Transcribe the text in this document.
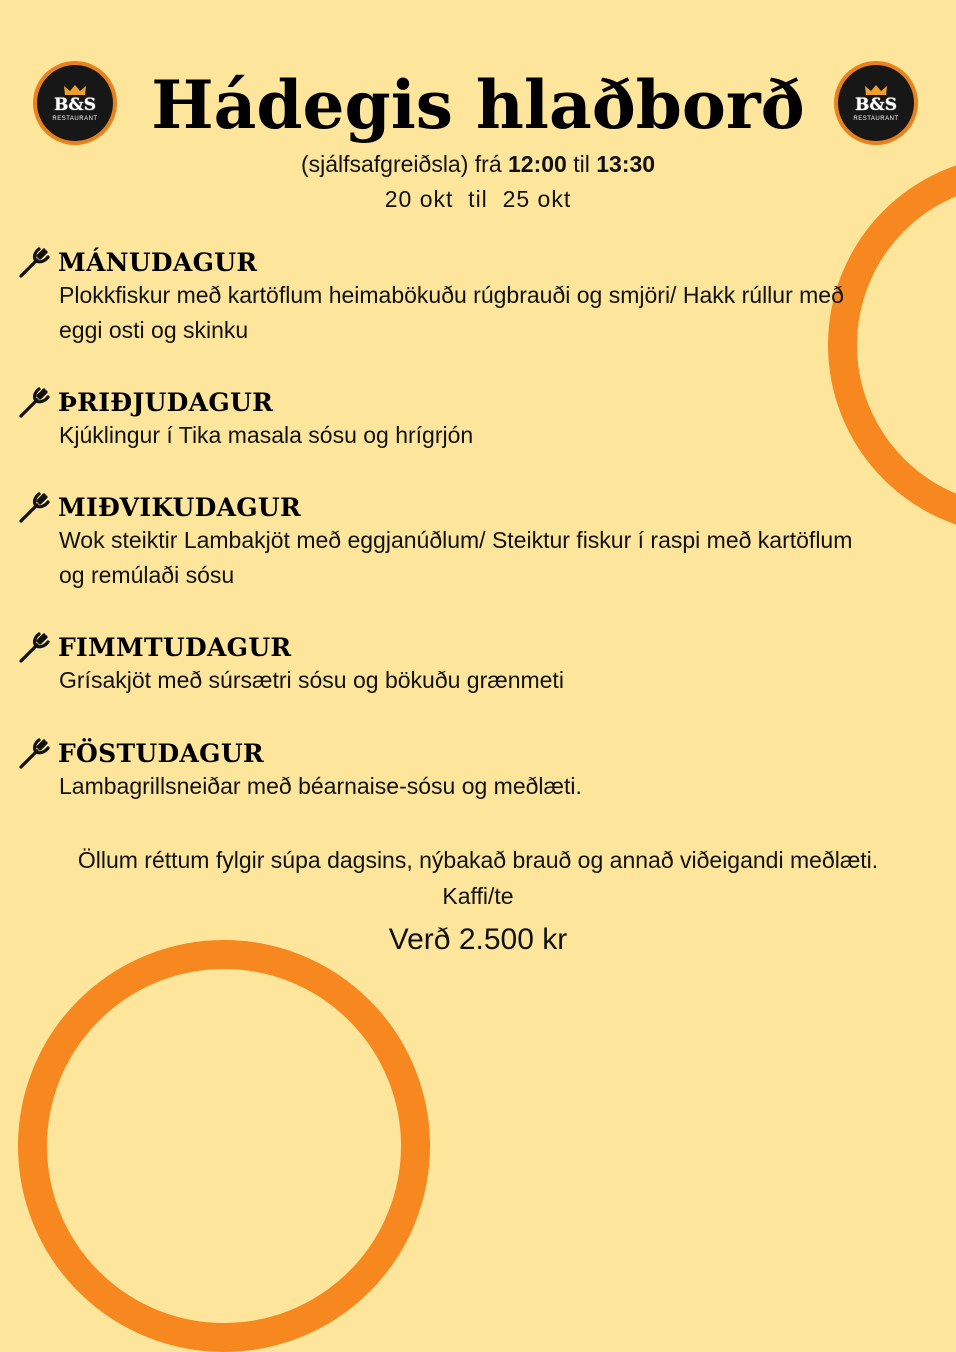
B&S
RESTAURANT
B&S
RESTAURANT
Hádegis hlaðborð
(sjálfsafgreiðsla) frá 12:00 til 13:30
20 okt  til  25 okt
MÁNUDAGUR

Plokkfiskur með kartöflum heimabökuðu rúgbrauði og smjöri/ Hakk rúllur með eggi osti og skinku

ÞRIÐJUDAGUR

Kjúklingur í Tika masala sósu og hrígrjón

MIÐVIKUDAGUR

Wok steiktir Lambakjöt með eggjanúðlum/ Steiktur fiskur í raspi með kartöflum og remúlaði sósu

FIMMTUDAGUR

Grísakjöt með súrsætri sósu og bökuðu grænmeti

FÖSTUDAGUR

Lambagrillsneiðar með béarnaise-sósu og meðlæti.

Öllum réttum fylgir súpa dagsins, nýbakað brauð og annað viðeigandi meðlæti.

Kaffi/te

Verð 2.500 kr
